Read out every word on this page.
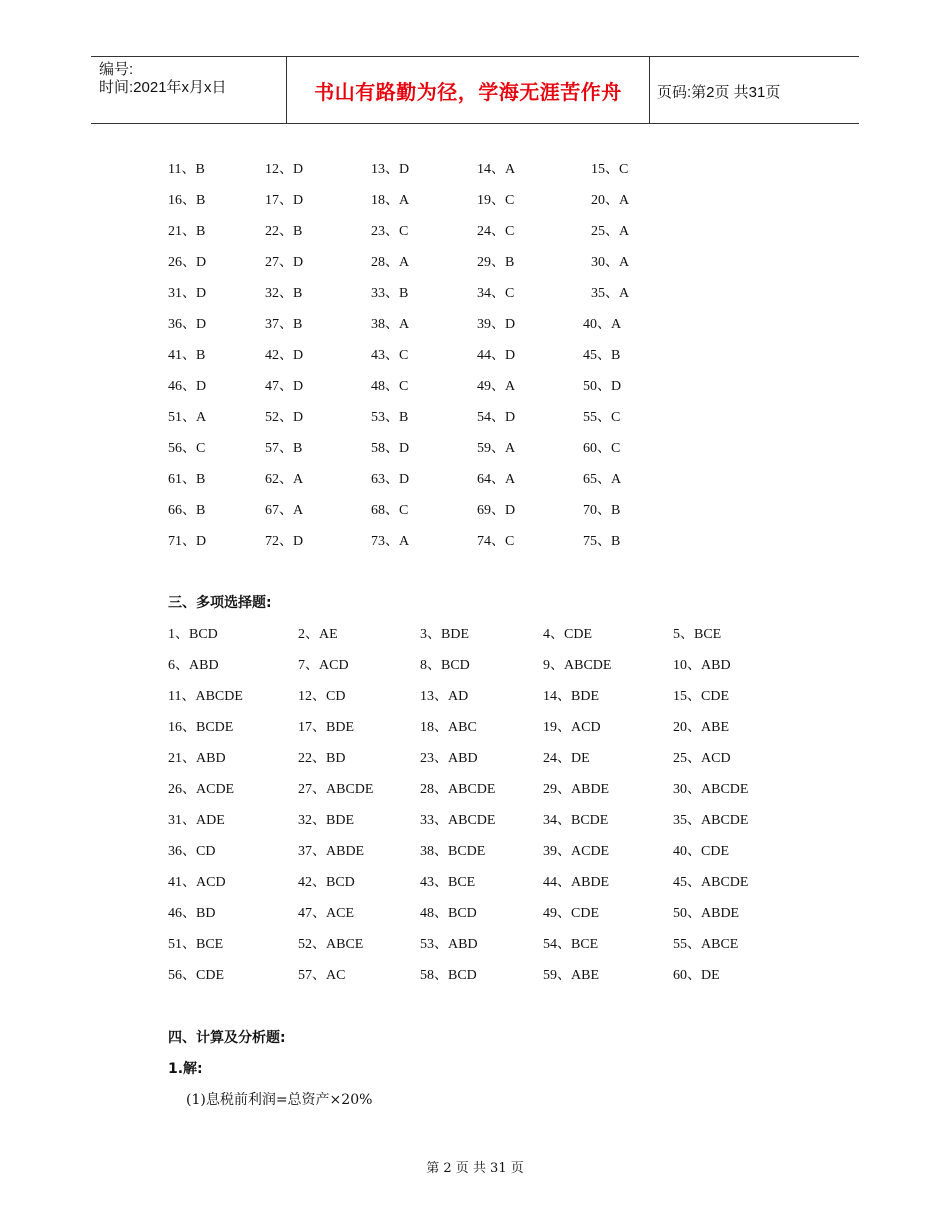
编号:
时间:2021年x月x日	书山有路勤为径，学海无涯苦作舟	页码:第2页 共31页
11、B	12、D	13、D	14、A	15、C
16、B	17、D	18、A	19、C	20、A
21、B	22、B	23、C	24、C	25、A
26、D	27、D	28、A	29、B	30、A
31、D	32、B	33、B	34、C	35、A
36、D	37、B	38、A	39、D	40、A
41、B	42、D	43、C	44、D	45、B
46、D	47、D	48、C	49、A	50、D
51、A	52、D	53、B	54、D	55、C
56、C	57、B	58、D	59、A	60、C
61、B	62、A	63、D	64、A	65、A
66、B	67、A	68、C	69、D	70、B
71、D	72、D	73、A	74、C	75、B
三、多项选择题:
1、BCD	2、AE	3、BDE	4、CDE	5、BCE
6、ABD	7、ACD	8、BCD	9、ABCDE	10、ABD
11、ABCDE	12、CD	13、AD	14、BDE	15、CDE
16、BCDE	17、BDE	18、ABC	19、ACD	20、ABE
21、ABD	22、BD	23、ABD	24、DE	25、ACD
26、ACDE	27、ABCDE	28、ABCDE	29、ABDE	30、ABCDE
31、ADE	32、BDE	33、ABCDE	34、BCDE	35、ABCDE
36、CD	37、ABDE	38、BCDE	39、ACDE	40、CDE
41、ACD	42、BCD	43、BCE	44、ABDE	45、ABCDE
46、BD	47、ACE	48、BCD	49、CDE	50、ABDE
51、BCE	52、ABCE	53、ABD	54、BCE	55、ABCE
56、CDE	57、AC	58、BCD	59、ABE	60、DE
四、计算及分析题:
1.解:
(1)息税前利润=总资产×20%
第 2 页 共 31 页
